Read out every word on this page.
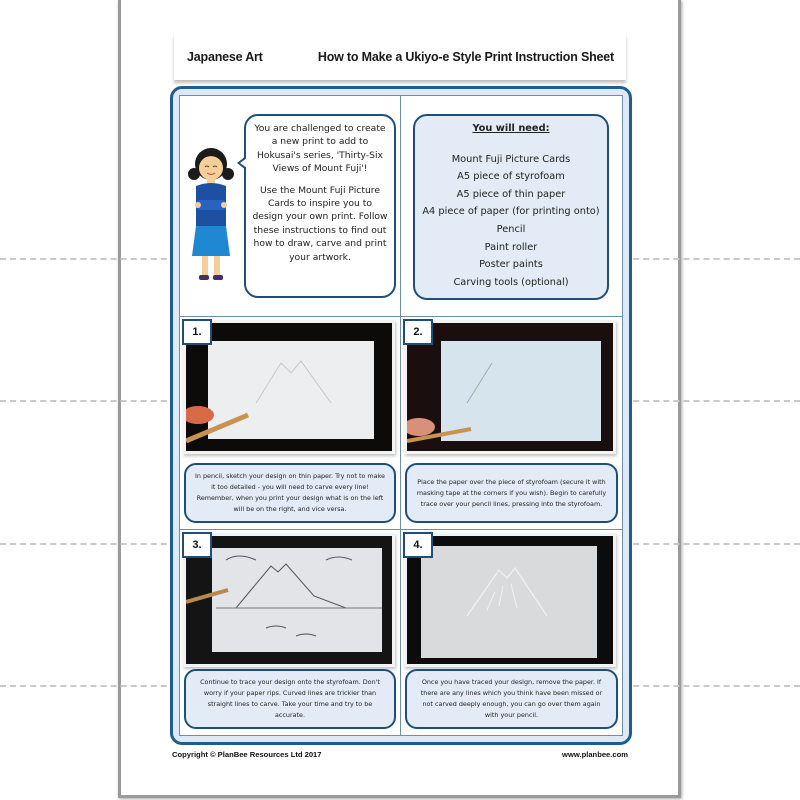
Japanese Art	How to Make a Ukiyo-e Style Print Instruction Sheet

You are challenged to create a new print to add to Hokusai's series, 'Thirty-Six Views of Mount Fuji'!

Use the Mount Fuji Picture Cards to inspire you to design your own print. Follow these instructions to find out how to draw, carve and print your artwork.

You will need:
Mount Fuji Picture Cards
A5 piece of styrofoam
A5 piece of thin paper
A4 piece of paper (for printing onto)
Pencil
Paint roller
Poster paints
Carving tools (optional)
1.
In pencil, sketch your design on thin paper. Try not to make it too detailed - you will need to carve every line! Remember, when you print your design what is on the left will be on the right, and vice versa.
2.
Place the paper over the piece of styrofoam (secure it with masking tape at the corners if you wish). Begin to carefully trace over your pencil lines, pressing into the styrofoam.
3.
Continue to trace your design onto the styrofoam. Don't worry if your paper rips. Curved lines are trickier than straight lines to carve. Take your time and try to be accurate.
4.
Once you have traced your design, remove the paper. If there are any lines which you think have been missed or not carved deeply enough, you can go over them again with your pencil.
Copyright © PlanBee Resources Ltd 2017	www.planbee.com
